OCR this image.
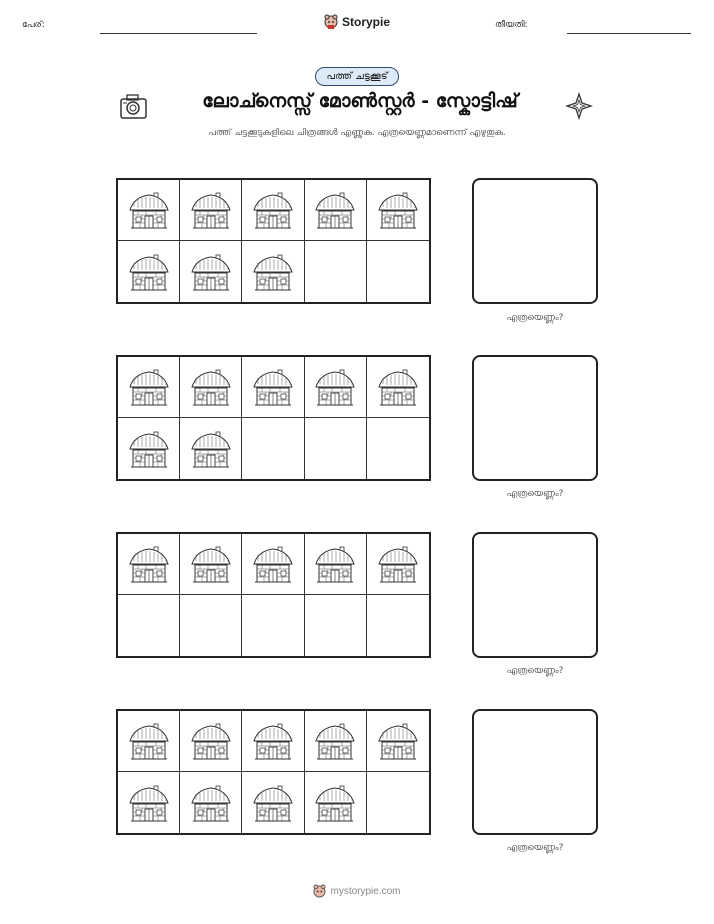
പേര്:	Storypie	തീയതി:
പത്ത് ചട്ടക്കൂട്
ലോച്നെസ്സ് മോൺസ്റ്റർ - സ്കോട്ടിഷ്
പത്ത് ചട്ടക്കൂടുകളിലെ ചിത്രങ്ങൾ എണ്ണുക. എത്രയെണ്ണമാണെന്ന് എഴുതുക.
എത്രയെണ്ണം?
എത്രയെണ്ണം?
എത്രയെണ്ണം?
എത്രയെണ്ണം?
mystorypie.com
